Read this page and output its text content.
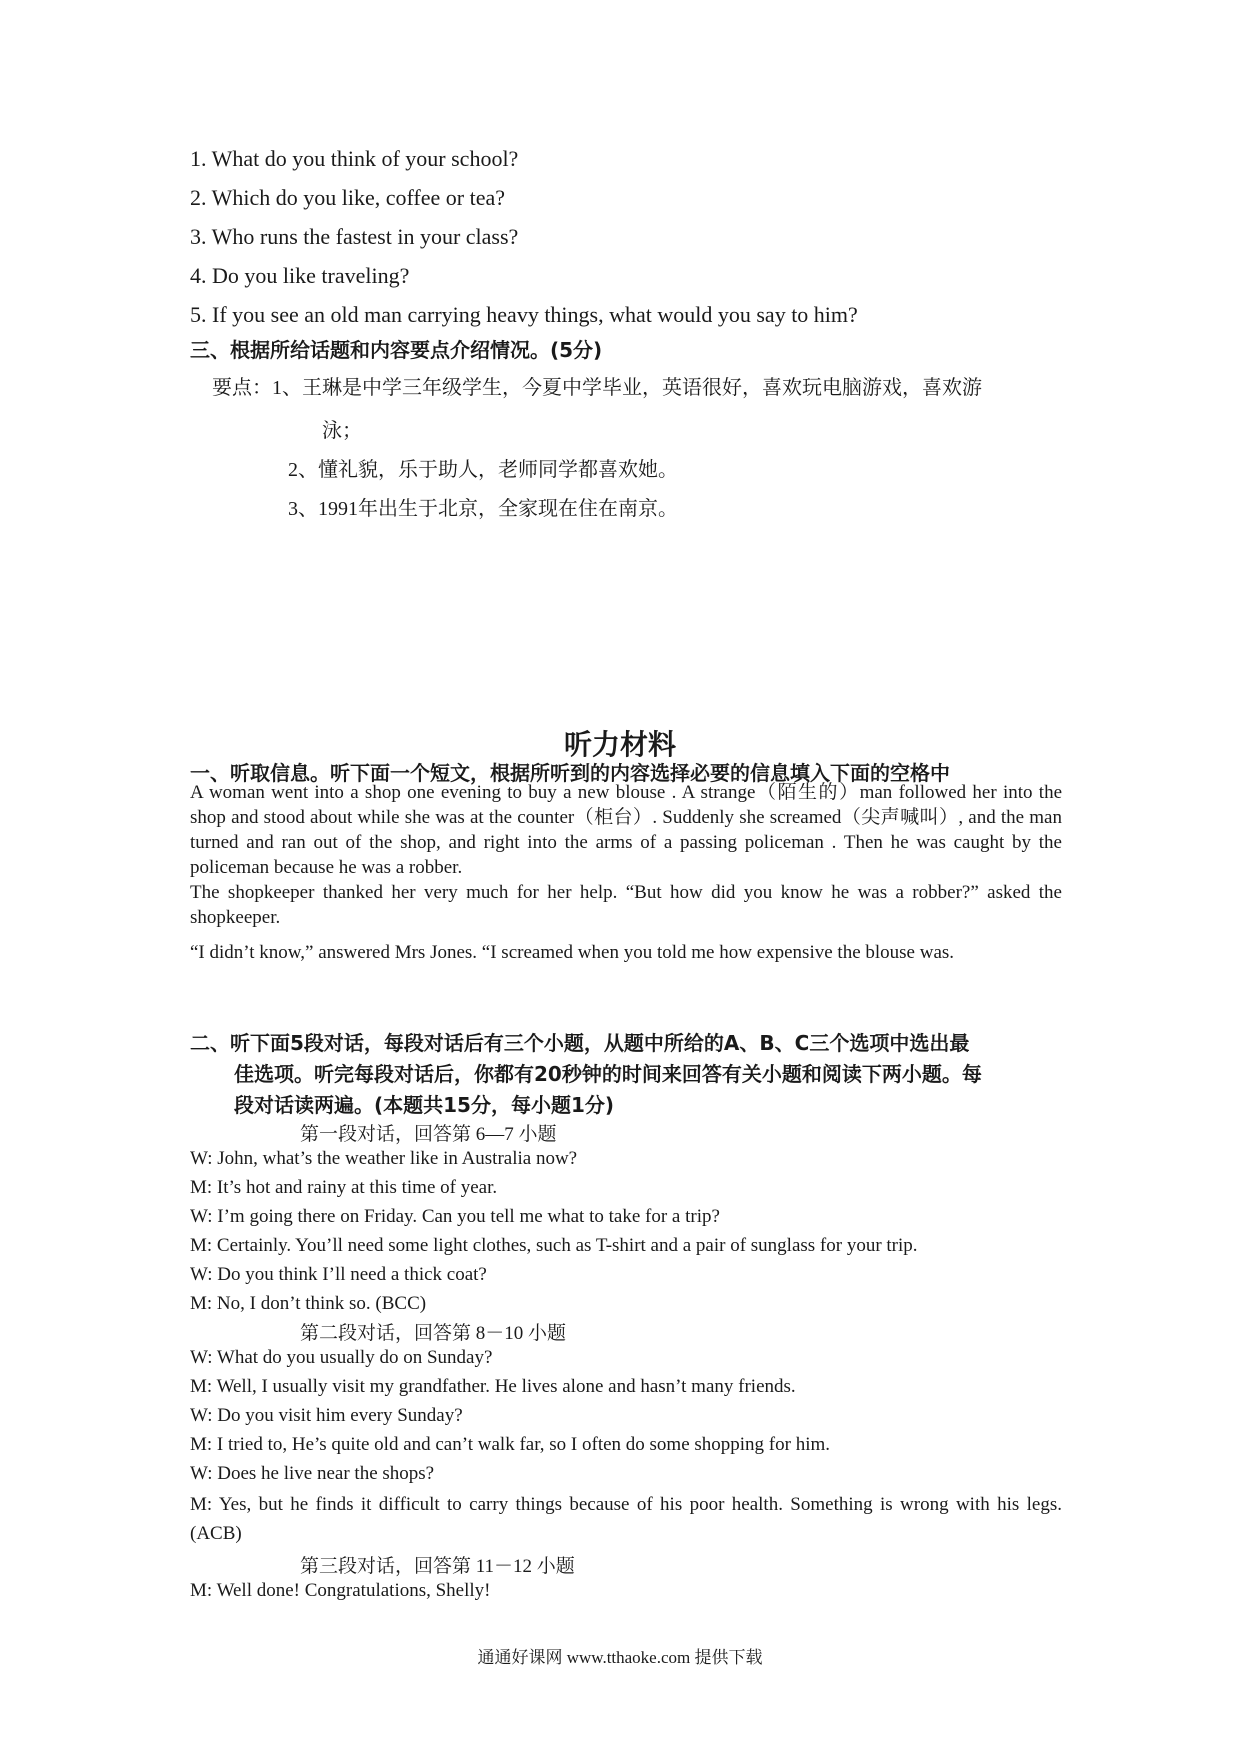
1. What do you think of your school?
2. Which do you like, coffee or tea?
3. Who runs the fastest in your class?
4. Do you like traveling?
5. If you see an old man carrying heavy things, what would you say to him?
三、根据所给话题和内容要点介绍情况。(5分)
要点：1、王琳是中学三年级学生，今夏中学毕业，英语很好，喜欢玩电脑游戏，喜欢游
泳；
2、懂礼貌，乐于助人，老师同学都喜欢她。
3、1991年出生于北京，全家现在住在南京。
听力材料
一、听取信息。听下面一个短文，根据所听到的内容选择必要的信息填入下面的空格中
A woman went into a shop one evening to buy a new blouse . A strange（陌生的）man followed her into the shop and stood about while she was at the counter（柜台）. Suddenly she screamed（尖声喊叫）, and the man turned and ran out of the shop, and right into the arms of a passing policeman . Then he was caught by the policeman because he was a robber.
The shopkeeper thanked her very much for her help. “But how did you know he was a robber?” asked the shopkeeper.
“I didn’t know,” answered Mrs Jones. “I screamed when you told me how expensive the blouse was.
二、听下面5段对话，每段对话后有三个小题，从题中所给的A、B、C三个选项中选出最
佳选项。听完每段对话后，你都有20秒钟的时间来回答有关小题和阅读下两小题。每
段对话读两遍。(本题共15分，每小题1分)
第一段对话，回答第 6—7 小题
W: John, what’s the weather like in Australia now?
M: It’s hot and rainy at this time of year.
W: I’m going there on Friday. Can you tell me what to take for a trip?
M: Certainly. You’ll need some light clothes, such as T-shirt and a pair of sunglass for your trip.
W: Do you think I’ll need a thick coat?
M: No, I don’t think so. (BCC)
第二段对话，回答第 8－10 小题
W: What do you usually do on Sunday?
M: Well, I usually visit my grandfather. He lives alone and hasn’t many friends.
W: Do you visit him every Sunday?
M: I tried to, He’s quite old and can’t walk far, so I often do some shopping for him.
W: Does he live near the shops?
M: Yes, but he finds it difficult to carry things because of his poor health. Something is wrong with his legs. (ACB)
第三段对话，回答第 11－12 小题
M: Well done! Congratulations, Shelly!
通通好课网 www.tthaoke.com 提供下载
